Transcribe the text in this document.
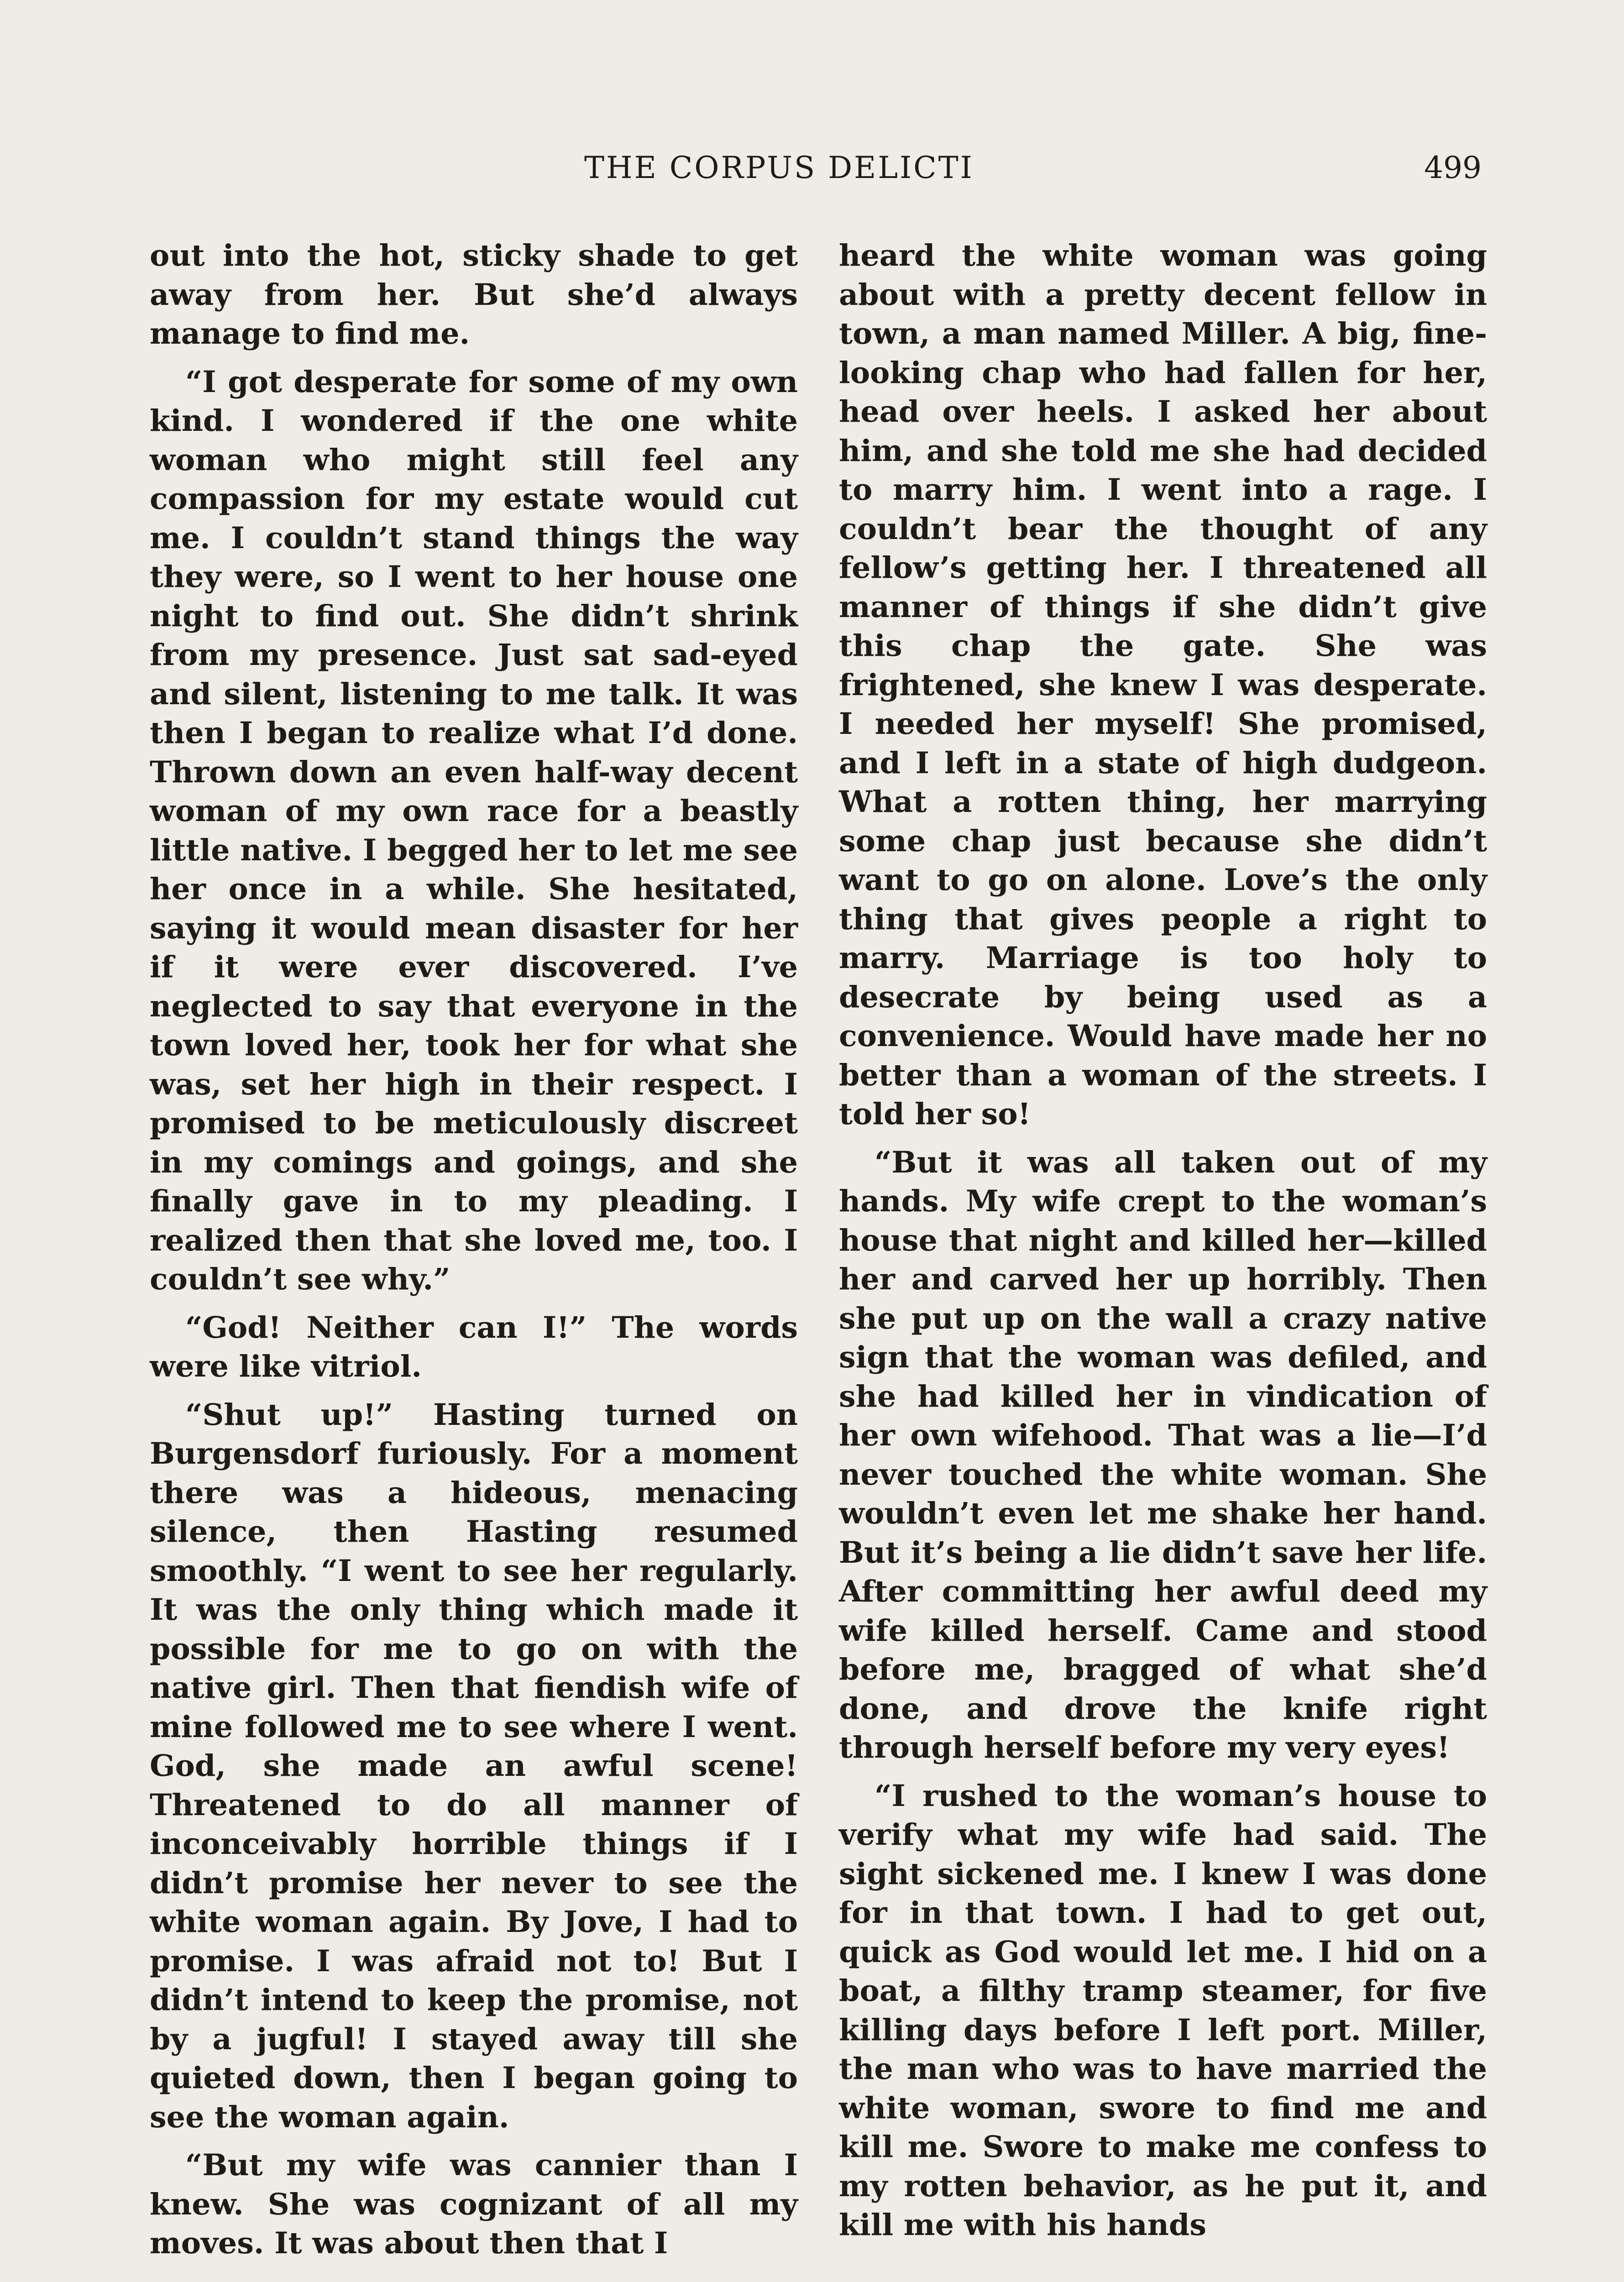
THE CORPUS DELICTI	499

out into the hot, sticky shade to get away from her. But she’d always manage to find me.

“I got desperate for some of my own kind. I wondered if the one white woman who might still feel any compassion for my estate would cut me. I couldn’t stand things the way they were, so I went to her house one night to find out. She didn’t shrink from my presence. Just sat sad-eyed and silent, listening to me talk. It was then I began to realize what I’d done. Thrown down an even half-way decent woman of my own race for a beastly little native. I begged her to let me see her once in a while. She hesitated, saying it would mean disaster for her if it were ever discovered. I’ve neglected to say that everyone in the town loved her, took her for what she was, set her high in their respect. I promised to be meticulously discreet in my comings and goings, and she finally gave in to my pleading. I realized then that she loved me, too. I couldn’t see why.”

“God! Neither can I!” The words were like vitriol.

“Shut up!” Hasting turned on Burgensdorf furiously. For a moment there was a hideous, menacing silence, then Hasting resumed smoothly. “I went to see her regularly. It was the only thing which made it possible for me to go on with the native girl. Then that fiendish wife of mine followed me to see where I went. God, she made an awful scene! Threatened to do all manner of inconceivably horrible things if I didn’t promise her never to see the white woman again. By Jove, I had to promise. I was afraid not to! But I didn’t intend to keep the promise, not by a jugful! I stayed away till she quieted down, then I began going to see the woman again.

“But my wife was cannier than I knew. She was cognizant of all my moves. It was about then that I

heard the white woman was going about with a pretty decent fellow in town, a man named Miller. A big, fine-looking chap who had fallen for her, head over heels. I asked her about him, and she told me she had decided to marry him. I went into a rage. I couldn’t bear the thought of any fellow’s getting her. I threatened all manner of things if she didn’t give this chap the gate. She was frightened, she knew I was desperate. I needed her myself! She promised, and I left in a state of high dudgeon. What a rotten thing, her marrying some chap just because she didn’t want to go on alone. Love’s the only thing that gives people a right to marry. Marriage is too holy to desecrate by being used as a convenience. Would have made her no better than a woman of the streets. I told her so!

“But it was all taken out of my hands. My wife crept to the woman’s house that night and killed her—killed her and carved her up horribly. Then she put up on the wall a crazy native sign that the woman was defiled, and she had killed her in vindication of her own wifehood. That was a lie—I’d never touched the white woman. She wouldn’t even let me shake her hand. But it’s being a lie didn’t save her life. After committing her awful deed my wife killed herself. Came and stood before me, bragged of what she’d done, and drove the knife right through herself before my very eyes!

“I rushed to the woman’s house to verify what my wife had said. The sight sickened me. I knew I was done for in that town. I had to get out, quick as God would let me. I hid on a boat, a filthy tramp steamer, for five killing days before I left port. Miller, the man who was to have married the white woman, swore to find me and kill me. Swore to make me confess to my rotten behavior, as he put it, and kill me with his hands
